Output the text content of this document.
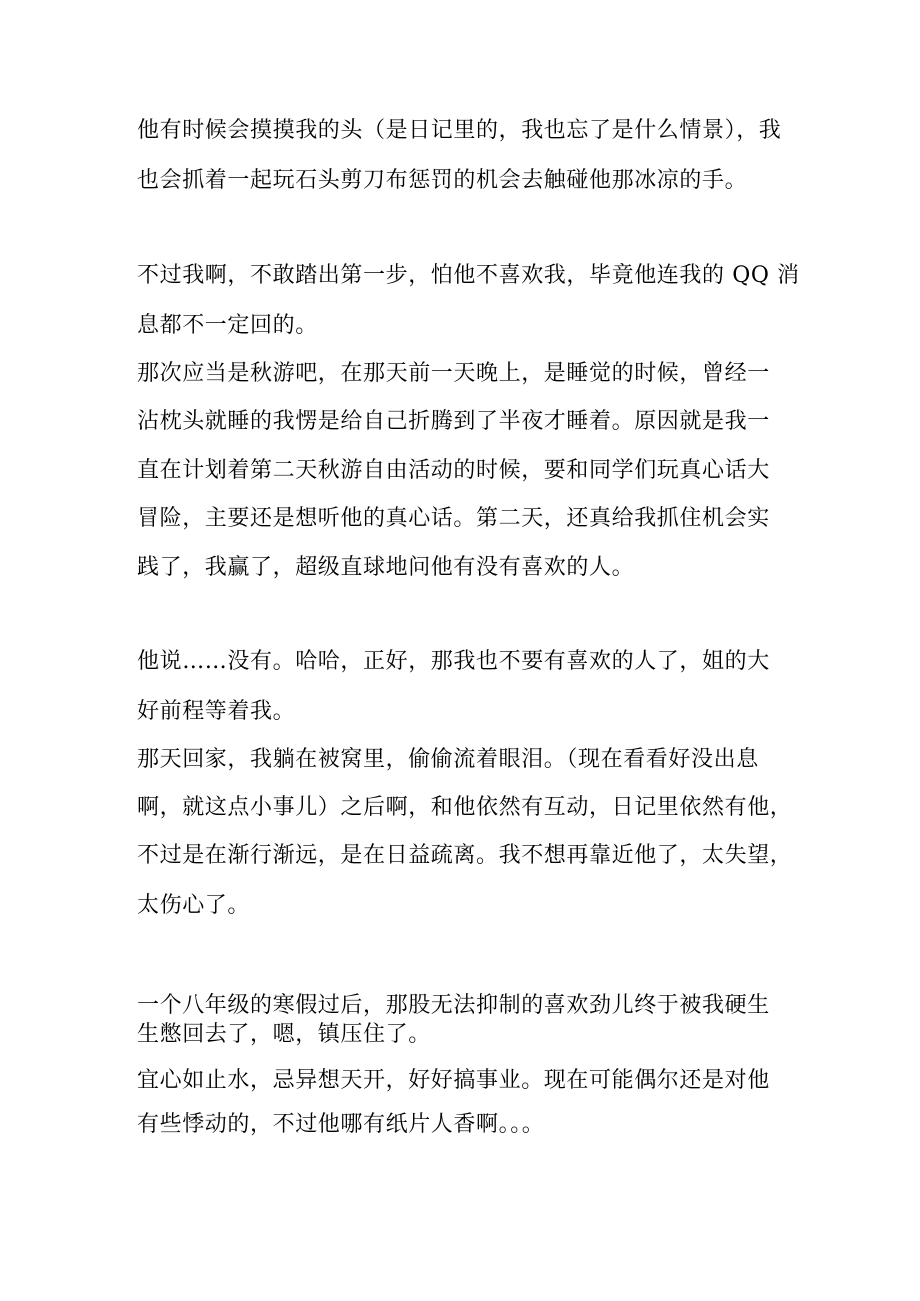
他有时候会摸摸我的头（是日记里的，我也忘了是什么情景），我
也会抓着一起玩石头剪刀布惩罚的机会去触碰他那冰凉的手。
不过我啊，不敢踏出第一步，怕他不喜欢我，毕竟他连我的 QQ 消
息都不一定回的。
那次应当是秋游吧，在那天前一天晚上，是睡觉的时候，曾经一
沾枕头就睡的我愣是给自己折腾到了半夜才睡着。原因就是我一
直在计划着第二天秋游自由活动的时候，要和同学们玩真心话大
冒险，主要还是想听他的真心话。第二天，还真给我抓住机会实
践了，我赢了，超级直球地问他有没有喜欢的人。
他说……没有。哈哈，正好，那我也不要有喜欢的人了，姐的大
好前程等着我。
那天回家，我躺在被窝里，偷偷流着眼泪。（现在看看好没出息
啊，就这点小事儿）之后啊，和他依然有互动，日记里依然有他，
不过是在渐行渐远，是在日益疏离。我不想再靠近他了，太失望，
太伤心了。
一个八年级的寒假过后，那股无法抑制的喜欢劲儿终于被我硬生
生憋回去了，嗯，镇压住了。
宜心如止水，忌异想天开，好好搞事业。现在可能偶尔还是对他
有些悸动的，不过他哪有纸片人香啊。。。
